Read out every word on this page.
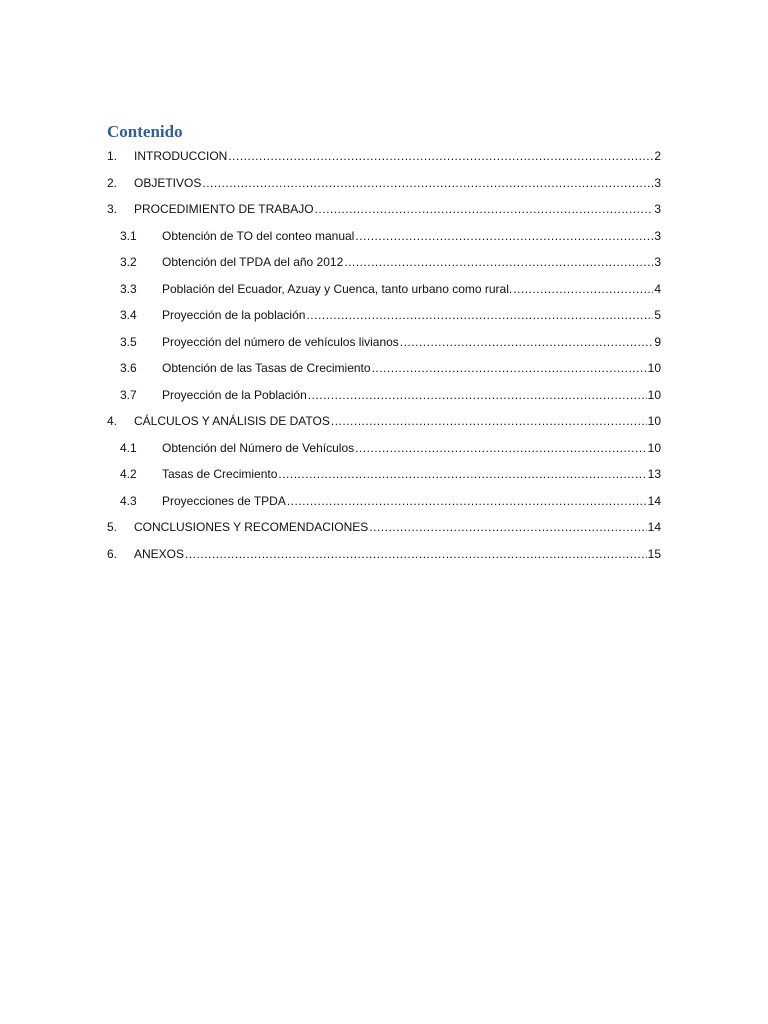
Contenido
1. INTRODUCCION .....	2
2. OBJETIVOS .....	3
3. PROCEDIMIENTO DE TRABAJO .....	3
3.1 Obtención de TO del conteo manual .....	3
3.2 Obtención del TPDA del año 2012 .....	3
3.3 Población del Ecuador, Azuay y Cuenca, tanto urbano como rural. .....	4
3.4 Proyección de la población .....	5
3.5 Proyección del número de vehículos livianos .....	9
3.6 Obtención de las Tasas de Crecimiento .....	10
3.7 Proyección de la Población .....	10
4. CÁLCULOS Y ANÁLISIS DE DATOS .....	10
4.1 Obtención del Número de Vehículos .....	10
4.2 Tasas de Crecimiento .....	13
4.3 Proyecciones de TPDA .....	14
5. CONCLUSIONES Y RECOMENDACIONES .....	14
6. ANEXOS .....	15
